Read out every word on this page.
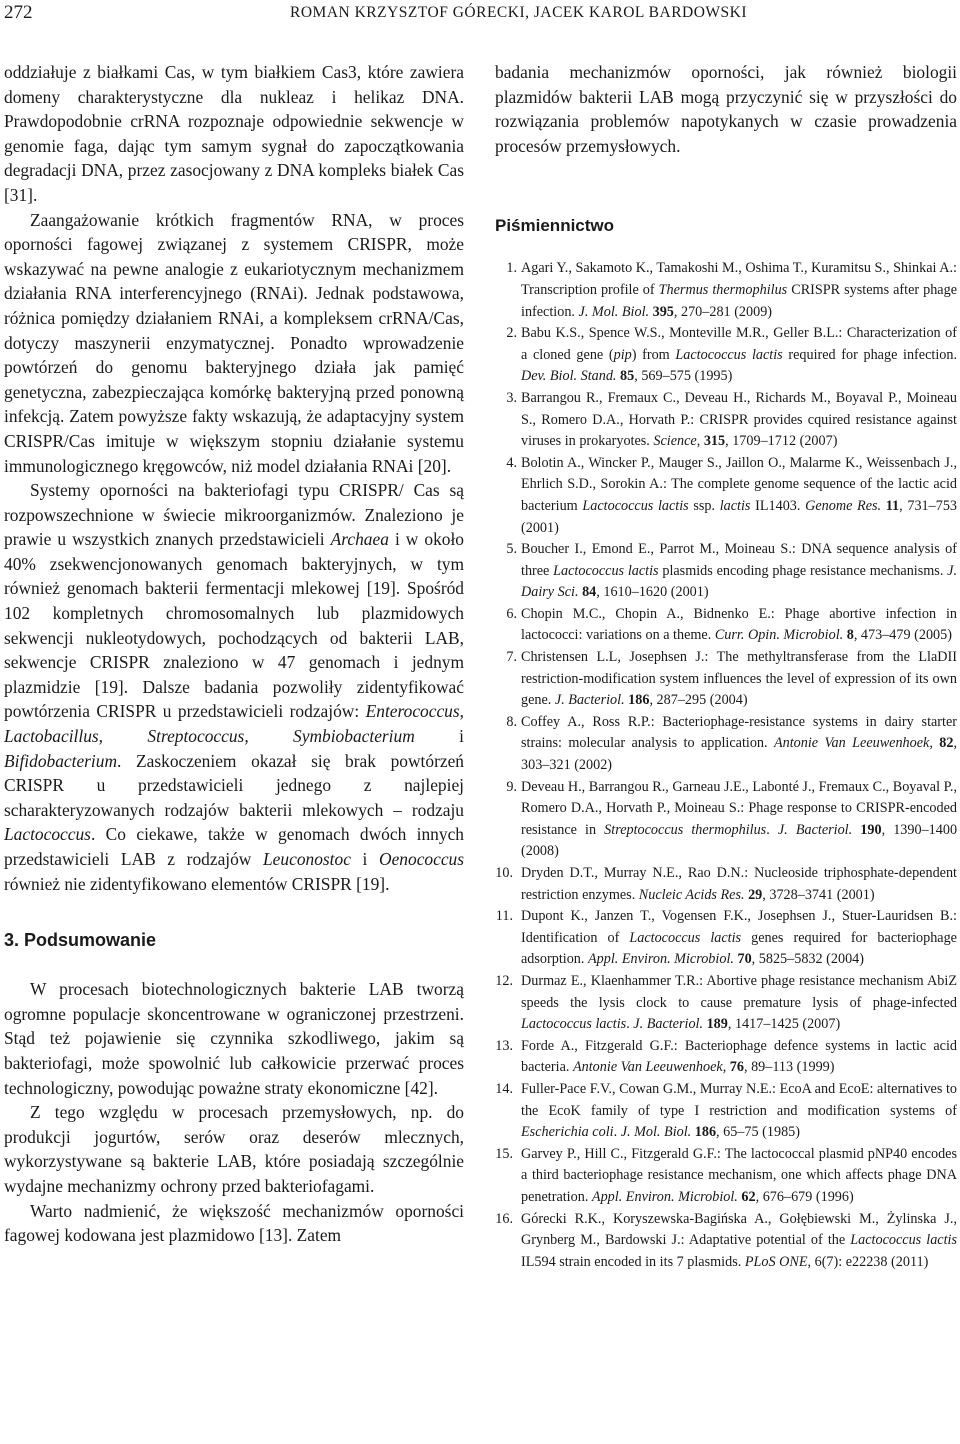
272	ROMAN KRZYSZTOF GÓRECKI, JACEK KAROL BARDOWSKI

oddziałuje z białkami Cas, w tym białkiem Cas3, które zawiera domeny charakterystyczne dla nukleaz i helikaz DNA. Prawdopodobnie crRNA rozpoznaje odpowiednie sekwencje w genomie faga, dając tym samym sygnał do zapoczątkowania degradacji DNA, przez zasocjowany z DNA kompleks białek Cas [31].

Zaangażowanie krótkich fragmentów RNA, w proces oporności fagowej związanej z systemem CRISPR, może wskazywać na pewne analogie z eukariotycznym mechanizmem działania RNA interferencyjnego (RNAi). Jednak podstawowa, różnica pomiędzy działaniem RNAi, a kompleksem crRNA/Cas, dotyczy maszynerii enzymatycznej. Ponadto wprowadzenie powtórzeń do genomu bakteryjnego działa jak pamięć genetyczna, zabezpieczająca komórkę bakteryjną przed ponowną infekcją. Zatem powyższe fakty wskazują, że adaptacyjny system CRISPR/Cas imituje w większym stopniu działanie systemu immunologicznego kręgowców, niż model działania RNAi [20].

Systemy oporności na bakteriofagi typu CRISPR/ Cas są rozpowszechnione w świecie mikroorganizmów. Znaleziono je prawie u wszystkich znanych przedstawicieli Archaea i w około 40% zsekwencjonowanych genomach bakteryjnych, w tym również genomach bakterii fermentacji mlekowej [19]. Spośród 102 kompletnych chromosomalnych lub plazmidowych sekwencji nukleotydowych, pochodzących od bakterii LAB, sekwencje CRISPR znaleziono w 47 genomach i jednym plazmidzie [19]. Dalsze badania pozwoliły zidentyfikować powtórzenia CRISPR u przedstawicieli rodzajów: Enterococcus, Lactobacillus, Streptococcus, Symbiobacterium i Bifidobacterium. Zaskoczeniem okazał się brak powtórzeń CRISPR u przedstawicieli jednego z najlepiej scharakteryzowanych rodzajów bakterii mlekowych – rodzaju Lactococcus. Co ciekawe, także w genomach dwóch innych przedstawicieli LAB z rodzajów Leuconostoc i Oenococcus również nie zidentyfikowano elementów CRISPR [19].

3. Podsumowanie

W procesach biotechnologicznych bakterie LAB tworzą ogromne populacje skoncentrowane w ograniczonej przestrzeni. Stąd też pojawienie się czynnika szkodliwego, jakim są bakteriofagi, może spowolnić lub całkowicie przerwać proces technologiczny, powodując poważne straty ekonomiczne [42].

Z tego względu w procesach przemysłowych, np. do produkcji jogurtów, serów oraz deserów mlecznych, wykorzystywane są bakterie LAB, które posiadają szczególnie wydajne mechanizmy ochrony przed bakteriofagami.

Warto nadmienić, że większość mechanizmów oporności fagowej kodowana jest plazmidowo [13]. Zatem

badania mechanizmów oporności, jak również biologii plazmidów bakterii LAB mogą przyczynić się w przyszłości do rozwiązania problemów napotykanych w czasie prowadzenia procesów przemysłowych.

Piśmiennictwo
1. Agari Y., Sakamoto K., Tamakoshi M., Oshima T., Kuramitsu S., Shinkai A.: Transcription profile of Thermus thermophilus CRISPR systems after phage infection. J. Mol. Biol. 395, 270–281 (2009)
2. Babu K.S., Spence W.S., Monteville M.R., Geller B.L.: Characterization of a cloned gene (pip) from Lactococcus lactis required for phage infection. Dev. Biol. Stand. 85, 569–575 (1995)
3. Barrangou R., Fremaux C., Deveau H., Richards M., Boyaval P., Moineau S., Romero D.A., Horvath P.: CRISPR provides cquired resistance against viruses in prokaryotes. Science, 315, 1709–1712 (2007)
4. Bolotin A., Wincker P., Mauger S., Jaillon O., Malarme K., Weissenbach J., Ehrlich S.D., Sorokin A.: The complete genome sequence of the lactic acid bacterium Lactococcus lactis ssp. lactis IL1403. Genome Res. 11, 731–753 (2001)
5. Boucher I., Emond E., Parrot M., Moineau S.: DNA sequence analysis of three Lactococcus lactis plasmids encoding phage resistance mechanisms. J. Dairy Sci. 84, 1610–1620 (2001)
6. Chopin M.C., Chopin A., Bidnenko E.: Phage abortive infection in lactococci: variations on a theme. Curr. Opin. Microbiol. 8, 473–479 (2005)
7. Christensen L.L, Josephsen J.: The methyltransferase from the LlaDII restriction-modification system influences the level of expression of its own gene. J. Bacteriol. 186, 287–295 (2004)
8. Coffey A., Ross R.P.: Bacteriophage-resistance systems in dairy starter strains: molecular analysis to application. Antonie Van Leeuwenhoek, 82, 303–321 (2002)
9. Deveau H., Barrangou R., Garneau J.E., Labonté J., Fremaux C., Boyaval P., Romero D.A., Horvath P., Moineau S.: Phage response to CRISPR-encoded resistance in Streptococcus thermophilus. J. Bacteriol. 190, 1390–1400 (2008)
10. Dryden D.T., Murray N.E., Rao D.N.: Nucleoside triphosphate-dependent restriction enzymes. Nucleic Acids Res. 29, 3728–3741 (2001)
11. Dupont K., Janzen T., Vogensen F.K., Josephsen J., Stuer-Lauridsen B.: Identification of Lactococcus lactis genes required for bacteriophage adsorption. Appl. Environ. Microbiol. 70, 5825–5832 (2004)
12. Durmaz E., Klaenhammer T.R.: Abortive phage resistance mechanism AbiZ speeds the lysis clock to cause premature lysis of phage-infected Lactococcus lactis. J. Bacteriol. 189, 1417–1425 (2007)
13. Forde A., Fitzgerald G.F.: Bacteriophage defence systems in lactic acid bacteria. Antonie Van Leeuwenhoek, 76, 89–113 (1999)
14. Fuller-Pace F.V., Cowan G.M., Murray N.E.: EcoA and EcoE: alternatives to the EcoK family of type I restriction and modification systems of Escherichia coli. J. Mol. Biol. 186, 65–75 (1985)
15. Garvey P., Hill C., Fitzgerald G.F.: The lactococcal plasmid pNP40 encodes a third bacteriophage resistance mechanism, one which affects phage DNA penetration. Appl. Environ. Microbiol. 62, 676–679 (1996)
16. Górecki R.K., Koryszewska-Bagińska A., Gołębiewski M., Żylinska J., Grynberg M., Bardowski J.: Adaptative potential of the Lactococcus lactis IL594 strain encoded in its 7 plasmids. PLoS ONE, 6(7): e22238 (2011)
